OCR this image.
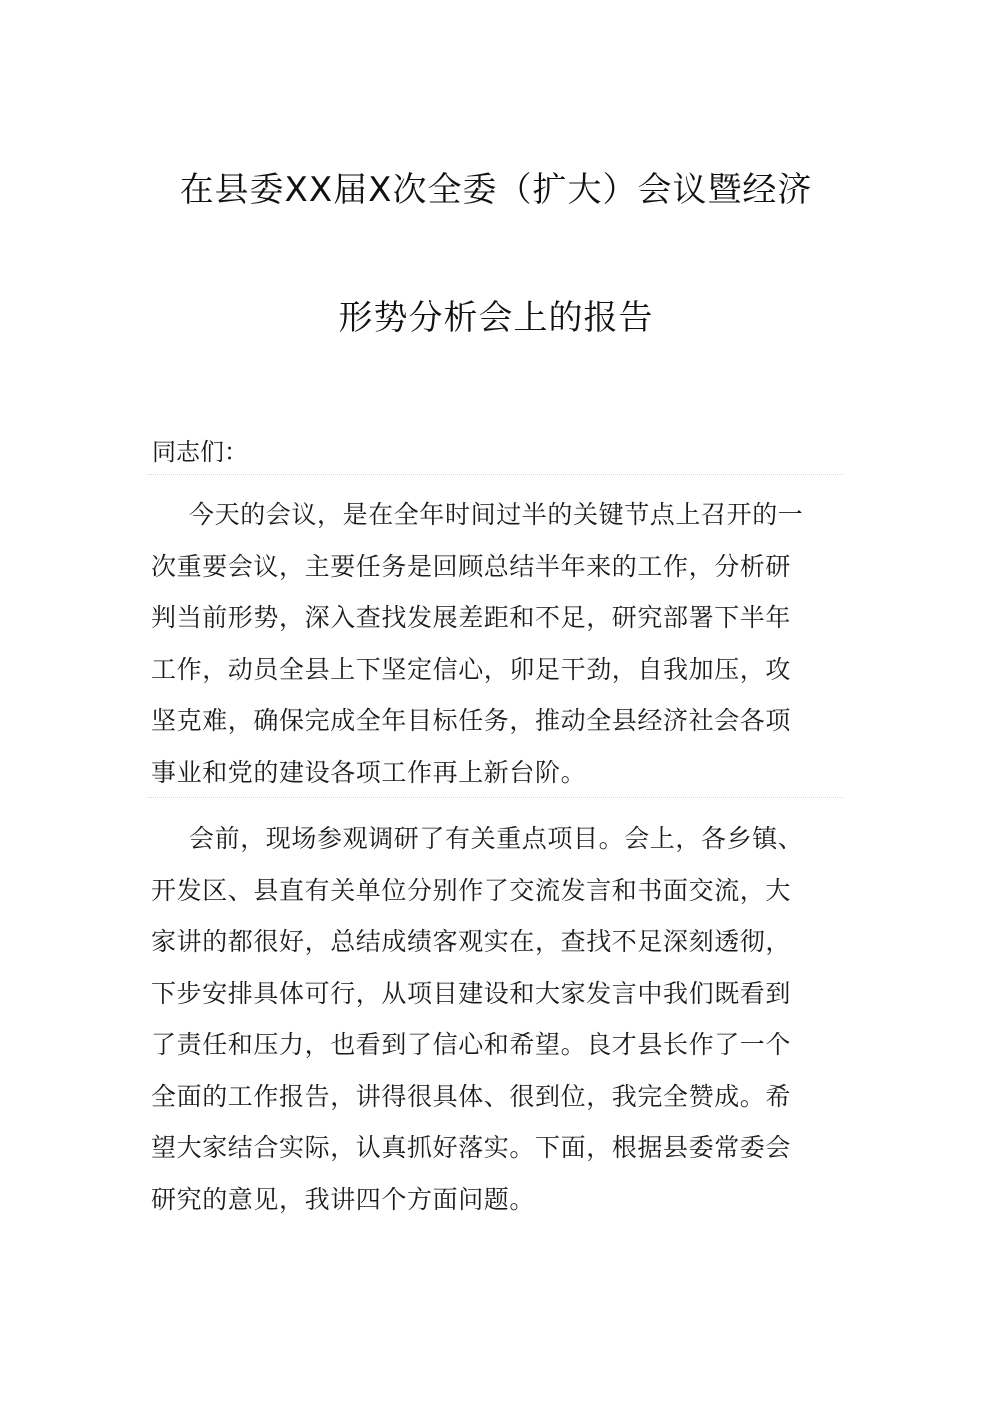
在县委XX届X次全委（扩大）会议暨经济
形势分析会上的报告
同志们：
今天的会议，是在全年时间过半的关键节点上召开的一
次重要会议，主要任务是回顾总结半年来的工作，分析研
判当前形势，深入查找发展差距和不足，研究部署下半年
工作，动员全县上下坚定信心，卯足干劲，自我加压，攻
坚克难，确保完成全年目标任务，推动全县经济社会各项
事业和党的建设各项工作再上新台阶。
会前，现场参观调研了有关重点项目。会上，各乡镇、
开发区、县直有关单位分别作了交流发言和书面交流，大
家讲的都很好，总结成绩客观实在，查找不足深刻透彻，
下步安排具体可行，从项目建设和大家发言中我们既看到
了责任和压力，也看到了信心和希望。良才县长作了一个
全面的工作报告，讲得很具体、很到位，我完全赞成。希
望大家结合实际，认真抓好落实。下面，根据县委常委会
研究的意见，我讲四个方面问题。
